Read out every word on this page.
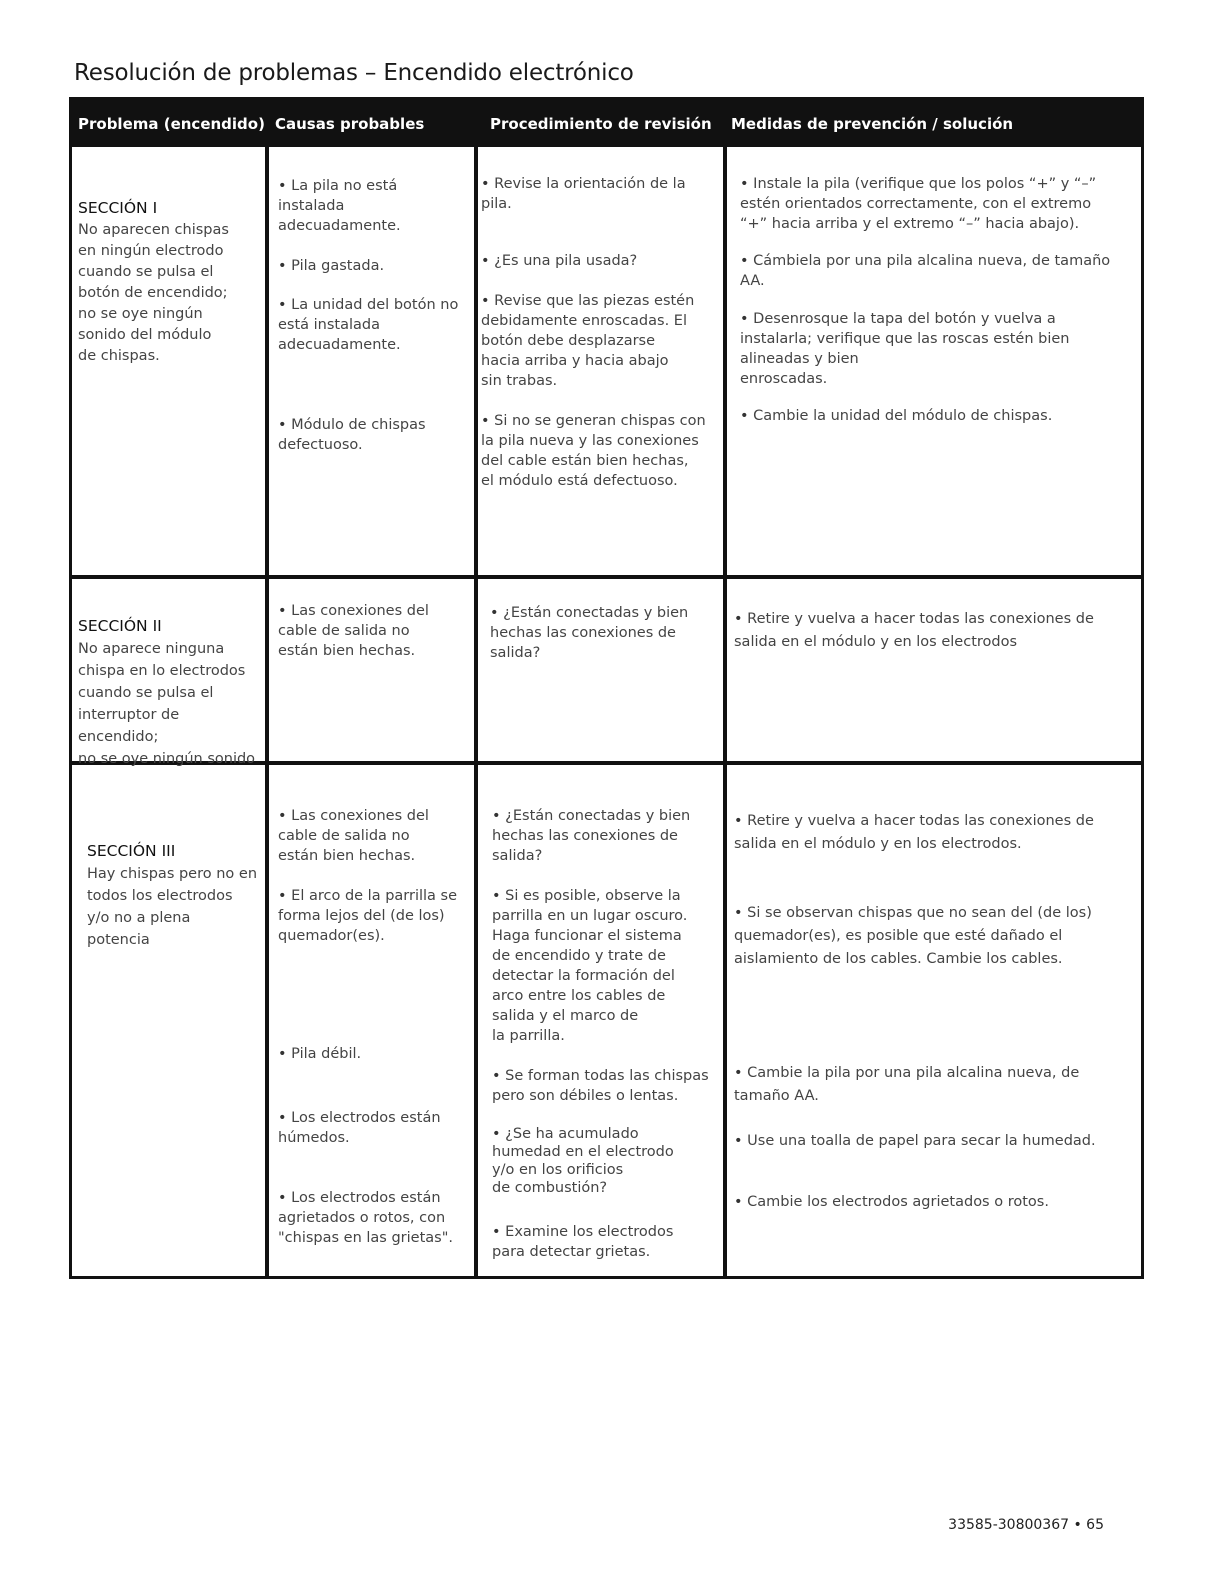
Resolución de problemas – Encendido electrónico
Problema (encendido) Causas probables	Procedimiento de revisión	Medidas de prevención / solución

SECCIÓN I
No aparecen chispas
en ningún electrodo
cuando se pulsa el
botón de encendido;
no se oye ningún
sonido del módulo
de chispas.

• La pila no está
instalada
adecuadamente.
• Pila gastada.
• La unidad del botón no
está instalada
adecuadamente.
• Módulo de chispas
defectuoso.
• Revise la orientación de la
pila.
• ¿Es una pila usada?
• Revise que las piezas estén
debidamente enroscadas. El
botón debe desplazarse
hacia arriba y hacia abajo
sin trabas.
• Si no se generan chispas con
la pila nueva y las conexiones
del cable están bien hechas,
el módulo está defectuoso.
• Instale la pila (verifique que los polos “+” y “–”
estén orientados correctamente, con el extremo
“+” hacia arriba y el extremo “–” hacia abajo).
• Cámbiela por una pila alcalina nueva, de tamaño
AA.
• Desenrosque la tapa del botón y vuelva a
instalarla; verifique que las roscas estén bien
alineadas y bien
enroscadas.
• Cambie la unidad del módulo de chispas.

SECCIÓN II
No aparece ninguna
chispa en lo electrodos
cuando se pulsa el
interruptor de
encendido;
no se oye ningún sonido

• Las conexiones del
cable de salida no
están bien hechas.
• ¿Están conectadas y bien
hechas las conexiones de
salida?
• Retire y vuelva a hacer todas las conexiones de
salida en el módulo y en los electrodos

SECCIÓN III
Hay chispas pero no en
todos los electrodos
y/o no a plena
potencia

• Las conexiones del
cable de salida no
están bien hechas.
• El arco de la parrilla se
forma lejos del (de los)
quemador(es).
• Pila débil.
• Los electrodos están
húmedos.
• Los electrodos están
agrietados o rotos, con
"chispas en las grietas".
• ¿Están conectadas y bien
hechas las conexiones de
salida?
• Si es posible, observe la
parrilla en un lugar oscuro.
Haga funcionar el sistema
de encendido y trate de
detectar la formación del
arco entre los cables de
salida y el marco de
la parrilla.
• Se forman todas las chispas
pero son débiles o lentas.
• ¿Se ha acumulado
humedad en el electrodo
y/o en los orificios
de combustión?
• Examine los electrodos
para detectar grietas.
• Retire y vuelva a hacer todas las conexiones de
salida en el módulo y en los electrodos.
• Si se observan chispas que no sean del (de los)
quemador(es), es posible que esté dañado el
aislamiento de los cables. Cambie los cables.
• Cambie la pila por una pila alcalina nueva, de
tamaño AA.
• Use una toalla de papel para secar la humedad.
• Cambie los electrodos agrietados o rotos.
33585-30800367 • 65
